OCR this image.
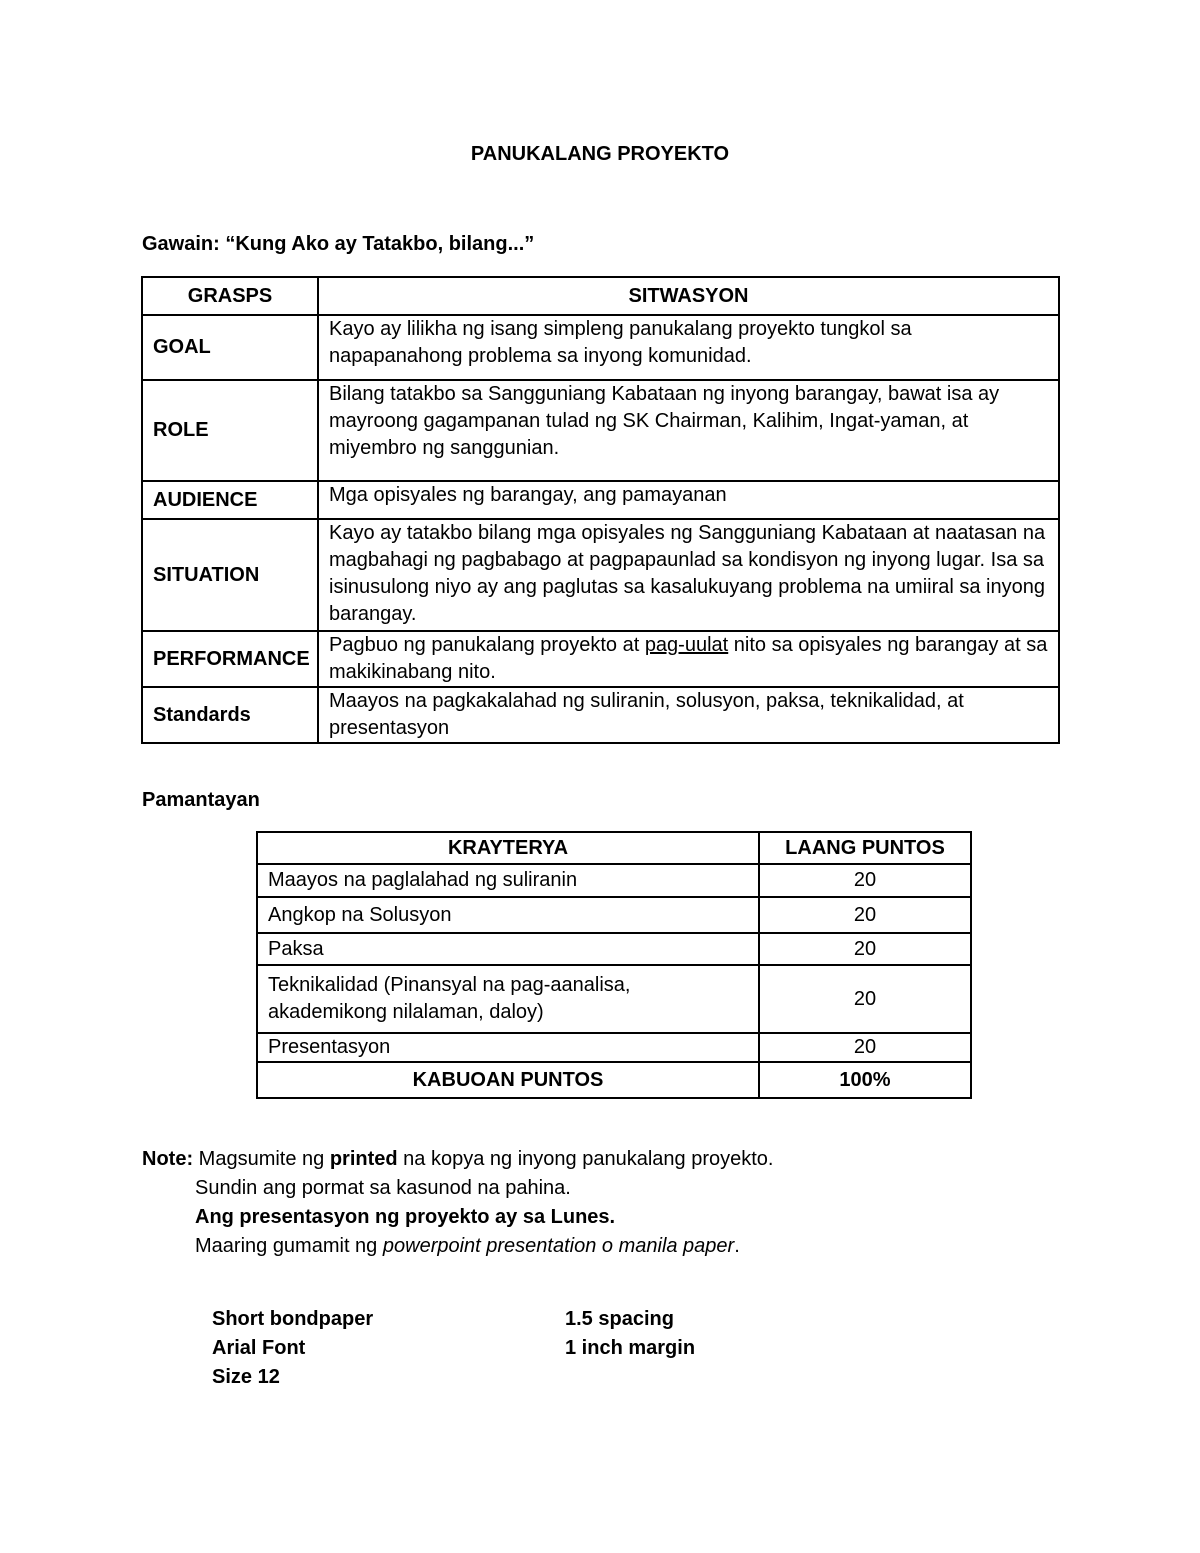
PANUKALANG PROYEKTO
Gawain: “Kung Ako ay Tatakbo, bilang...”
GRASPS	SITWASYON
GOAL	Kayo ay lilikha ng isang simpleng panukalang proyekto tungkol sa napapanahong problema sa inyong komunidad.
ROLE	Bilang tatakbo sa Sangguniang Kabataan ng inyong barangay, bawat isa ay mayroong gagampanan tulad ng SK Chairman, Kalihim, Ingat-yaman, at miyembro ng sanggunian.
AUDIENCE	Mga opisyales ng barangay, ang pamayanan
SITUATION	Kayo ay tatakbo bilang mga opisyales ng Sangguniang Kabataan at naatasan na magbahagi ng pagbabago at pagpapaunlad sa kondisyon ng inyong lugar. Isa sa isinusulong niyo ay ang paglutas sa kasalukuyang problema na umiiral sa inyong barangay.
PERFORMANCE	Pagbuo ng panukalang proyekto at pag-uulat nito sa opisyales ng barangay at sa makikinabang nito.
Standards	Maayos na pagkakalahad ng suliranin, solusyon, paksa, teknikalidad, at presentasyon
Pamantayan
KRAYTERYA	LAANG PUNTOS
Maayos na paglalahad ng suliranin	20
Angkop na Solusyon	20
Paksa	20
Teknikalidad (Pinansyal na pag-aanalisa, akademikong nilalaman, daloy)	20
Presentasyon	20
KABUOAN PUNTOS	100%
Note: Magsumite ng printed na kopya ng inyong panukalang proyekto.
Sundin ang pormat sa kasunod na pahina.
Ang presentasyon ng proyekto ay sa Lunes.
Maaring gumamit ng powerpoint presentation o manila paper.
Short bondpaper
Arial Font
Size 12
1.5 spacing
1 inch margin
